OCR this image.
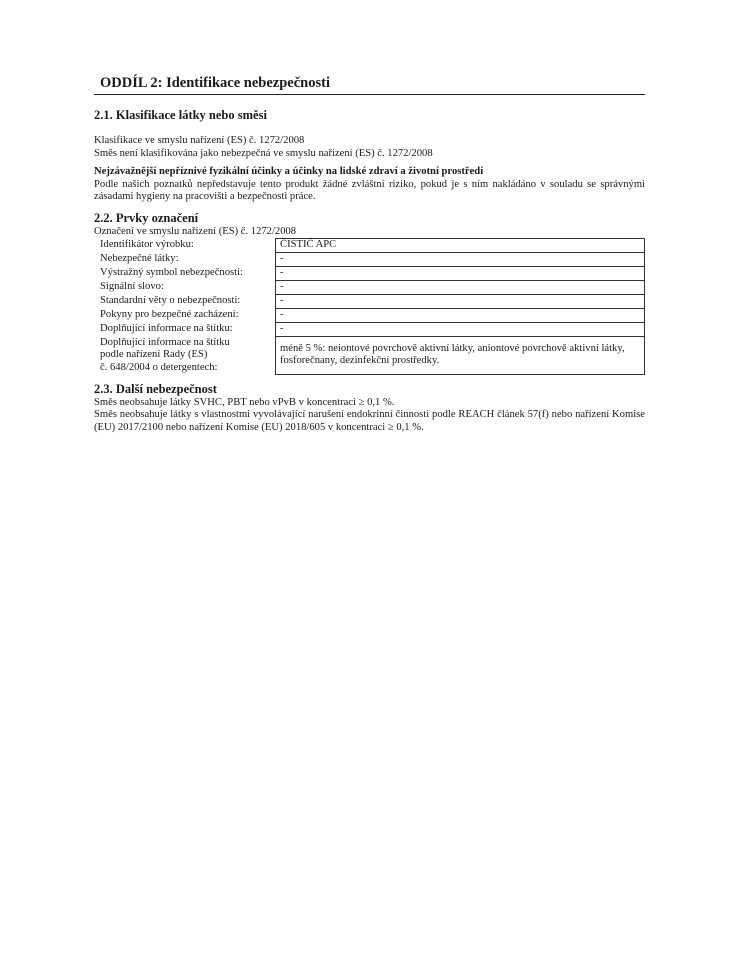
ODDÍL 2: Identifikace nebezpečnosti
2.1. Klasifikace látky nebo směsi
Klasifikace ve smyslu nařízení (ES) č. 1272/2008
Směs není klasifikována jako nebezpečná ve smyslu nařízení (ES) č. 1272/2008
Nejzávažnější nepříznivé fyzikální účinky a účinky na lidské zdraví a životní prostředí
Podle našich poznatků nepředstavuje tento produkt žádné zvláštní riziko, pokud je s ním nakládáno v souladu se správnými zásadami hygieny na pracovišti a bezpečnosti práce.
2.2. Prvky označení
Označení ve smyslu nařízení (ES) č. 1272/2008
Identifikátor výrobku:	ČISTIČ APC
Nebezpečné látky:	-
Výstražný symbol nebezpečnosti:	-
Signální slovo:	-
Standardní věty o nebezpečnosti:	-
Pokyny pro bezpečné zacházení:	-
Doplňující informace na štítku:	-

Doplňující informace na štítku
podle nařízení Rady (ES)
č. 648/2004 o detergentech:	méně 5 %: neiontové povrchově aktivní látky, aniontové povrchově aktivní látky, fosforečnany, dezinfekční prostředky.
2.3. Další nebezpečnost
Směs neobsahuje látky SVHC, PBT nebo vPvB v koncentraci ≥ 0,1 %.
Směs neobsahuje látky s vlastnostmi vyvolávající narušení endokrinní činnosti podle REACH článek 57(f) nebo nařízení Komise (EU) 2017/2100 nebo nařízení Komise (EU) 2018/605 v koncentraci ≥ 0,1 %.
